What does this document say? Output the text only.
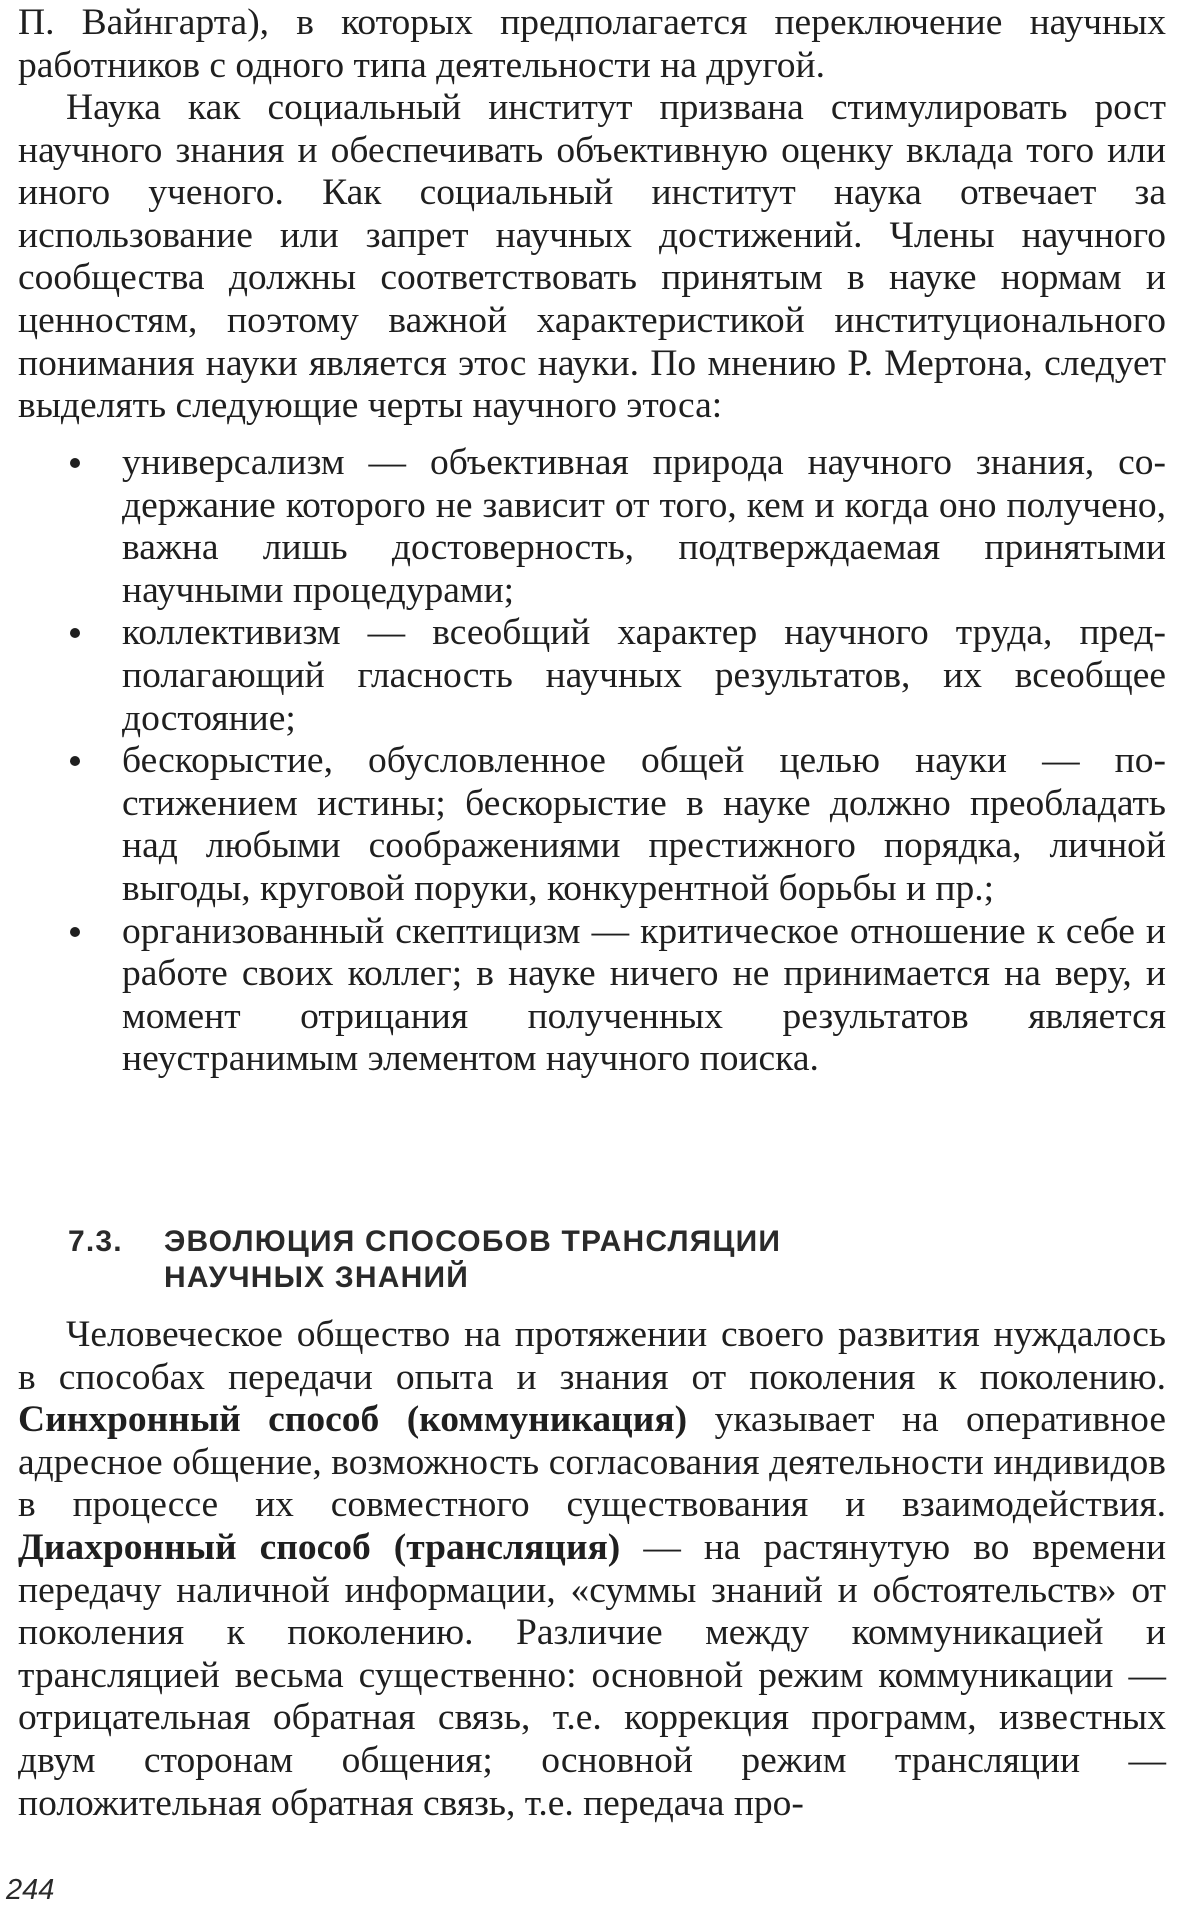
П. Вайнгарта), в которых предполагается переключение научных работников с одного типа деятельности на другой.
Наука как социальный институт призвана стимулировать рост научного знания и обеспечивать объективную оценку вклада того или иного ученого. Как социальный институт наука отвечает за использование или запрет научных достижений. Члены научного сообщества должны соответствовать принятым в науке нормам и ценностям, поэтому важной характеристикой институционального понимания науки является этос науки. По мнению Р. Мертона, следует выделять следующие черты научного этоса:
универсализм — объективная природа научного знания, содержание которого не зависит от того, кем и когда оно получено, важна лишь достоверность, подтверждаемая принятыми научными процедурами;
коллективизм — всеобщий характер научного труда, предполагающий гласность научных результатов, их всеобщее достояние;
бескорыстие, обусловленное общей целью науки — постижением истины; бескорыстие в науке должно преобладать над любыми соображениями престижного порядка, личной выгоды, круговой поруки, конкурентной борьбы и пр.;
организованный скептицизм — критическое отношение к себе и работе своих коллег; в науке ничего не принимается на веру, и момент отрицания полученных результатов является неустранимым элементом научного поиска.
7.3. ЭВОЛЮЦИЯ СПОСОБОВ ТРАНСЛЯЦИИ
НАУЧНЫХ ЗНАНИЙ
Человеческое общество на протяжении своего развития нуждалось в способах передачи опыта и знания от поколения к поколению. Синхронный способ (коммуникация) указывает на оперативное адресное общение, возможность согласования деятельности индивидов в процессе их совместного существования и взаимодействия. Диахронный способ (трансляция) — на растянутую во времени передачу наличной информации, «суммы знаний и обстоятельств» от поколения к поколению. Различие между коммуникацией и трансляцией весьма существенно: основной режим коммуникации — отрицательная обратная связь, т.е. коррекция программ, известных двум сторонам общения; основной режим трансляции — положительная обратная связь, т.е. передача про-
244
